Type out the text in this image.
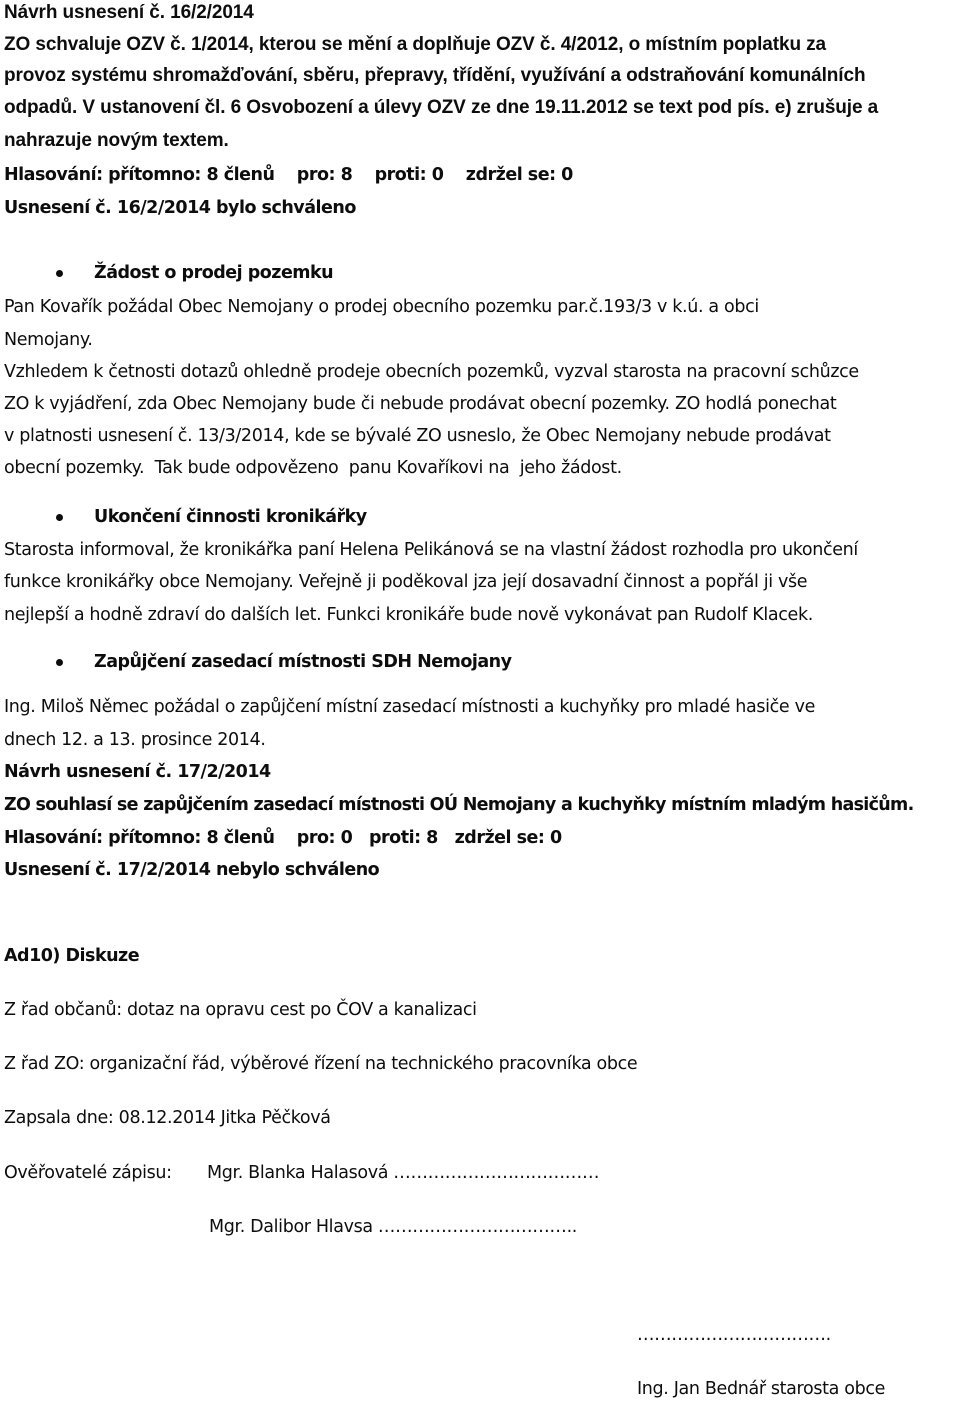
Návrh usnesení č. 16/2/2014
ZO schvaluje OZV č. 1/2014, kterou se mění a doplňuje OZV č. 4/2012, o místním poplatku za
provoz systému shromažďování, sběru, přepravy, třídění, využívání a odstraňování komunálních
odpadů. V ustanovení čl. 6 Osvobození a úlevy OZV ze dne 19.11.2012 se text pod pís. e) zrušuje a
nahrazuje novým textem.
Hlasování: přítomno: 8 členů    pro: 8    proti: 0    zdržel se: 0
Usnesení č. 16/2/2014 bylo schváleno
Žádost o prodej pozemku
Pan Kovařík požádal Obec Nemojany o prodej obecního pozemku par.č.193/3 v k.ú. a obci
Nemojany.
Vzhledem k četnosti dotazů ohledně prodeje obecních pozemků, vyzval starosta na pracovní schůzce
ZO k vyjádření, zda Obec Nemojany bude či nebude prodávat obecní pozemky. ZO hodlá ponechat
v platnosti usnesení č. 13/3/2014, kde se bývalé ZO usneslo, že Obec Nemojany nebude prodávat
obecní pozemky.  Tak bude odpovězeno  panu Kovaříkovi na  jeho žádost.
Ukončení činnosti kronikářky
Starosta informoval, že kronikářka paní Helena Pelikánová se na vlastní žádost rozhodla pro ukončení
funkce kronikářky obce Nemojany. Veřejně ji poděkoval jza její dosavadní činnost a popřál ji vše
nejlepší a hodně zdraví do dalších let. Funkci kronikáře bude nově vykonávat pan Rudolf Klacek.
Zapůjčení zasedací místnosti SDH Nemojany
Ing. Miloš Němec požádal o zapůjčení místní zasedací místnosti a kuchyňky pro mladé hasiče ve
dnech 12. a 13. prosince 2014.
Návrh usnesení č. 17/2/2014
ZO souhlasí se zapůjčením zasedací místnosti OÚ Nemojany a kuchyňky místním mladým hasičům.
Hlasování: přítomno: 8 členů    pro: 0   proti: 8   zdržel se: 0
Usnesení č. 17/2/2014 nebylo schváleno
Ad10) Diskuze
Z řad občanů: dotaz na opravu cest po ČOV a kanalizaci
Z řad ZO: organizační řád, výběrové řízení na technického pracovníka obce
Zapsala dne: 08.12.2014 Jitka Pěčková
Ověřovatelé zápisu: Mgr. Blanka Halasová ………………………………
Mgr. Dalibor Hlavsa ……………………………..
…………………………….
Ing. Jan Bednář starosta obce
